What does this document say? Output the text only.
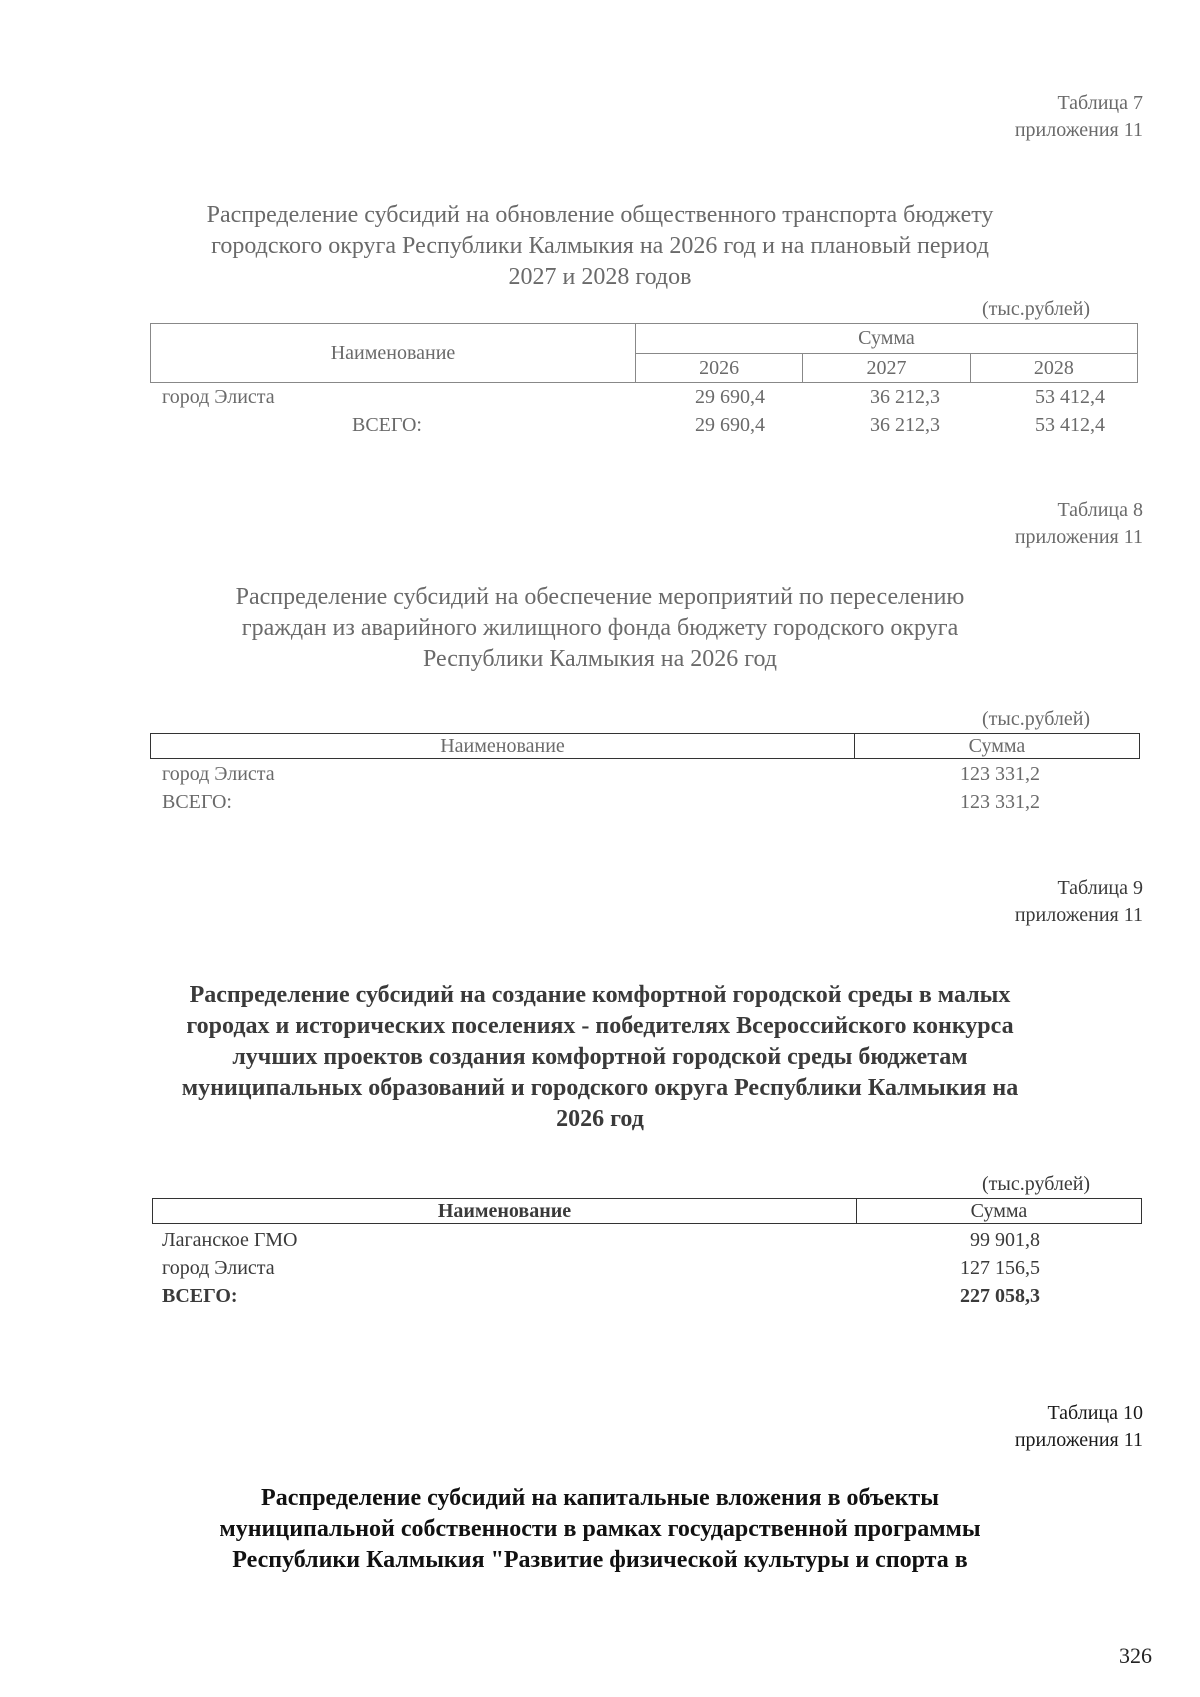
Таблица 7
приложения 11
Распределение субсидий на обновление общественного транспорта бюджету
городского округа Республики Калмыкия на 2026 год и на плановый период
2027 и 2028 годов
(тыс.рублей)
Наименование	Сумма		
	2026	2027	2028
город Элиста	29 690,4	36 212,3	53 412,4
ВСЕГО:	29 690,4	36 212,3	53 412,4
Таблица 8
приложения 11
Распределение субсидий на обеспечение мероприятий по переселению
граждан из аварийного жилищного фонда бюджету городского округа
Республики Калмыкия на 2026 год
(тыс.рублей)
Наименование	Сумма
город Элиста	123 331,2
ВСЕГО:	123 331,2
Таблица 9
приложения 11
Распределение субсидий на создание комфортной городской среды в малых
городах и исторических поселениях - победителях Всероссийского конкурса
лучших проектов создания комфортной городской среды бюджетам
муниципальных образований и городского округа Республики Калмыкия на
2026 год
(тыс.рублей)
Наименование	Сумма
Лаганское ГМО	99 901,8
город Элиста	127 156,5
ВСЕГО:	227 058,3
Таблица 10
приложения 11
Распределение субсидий на капитальные вложения в объекты
муниципальной собственности в рамках государственной программы
Республики Калмыкия "Развитие физической культуры и спорта в
326
